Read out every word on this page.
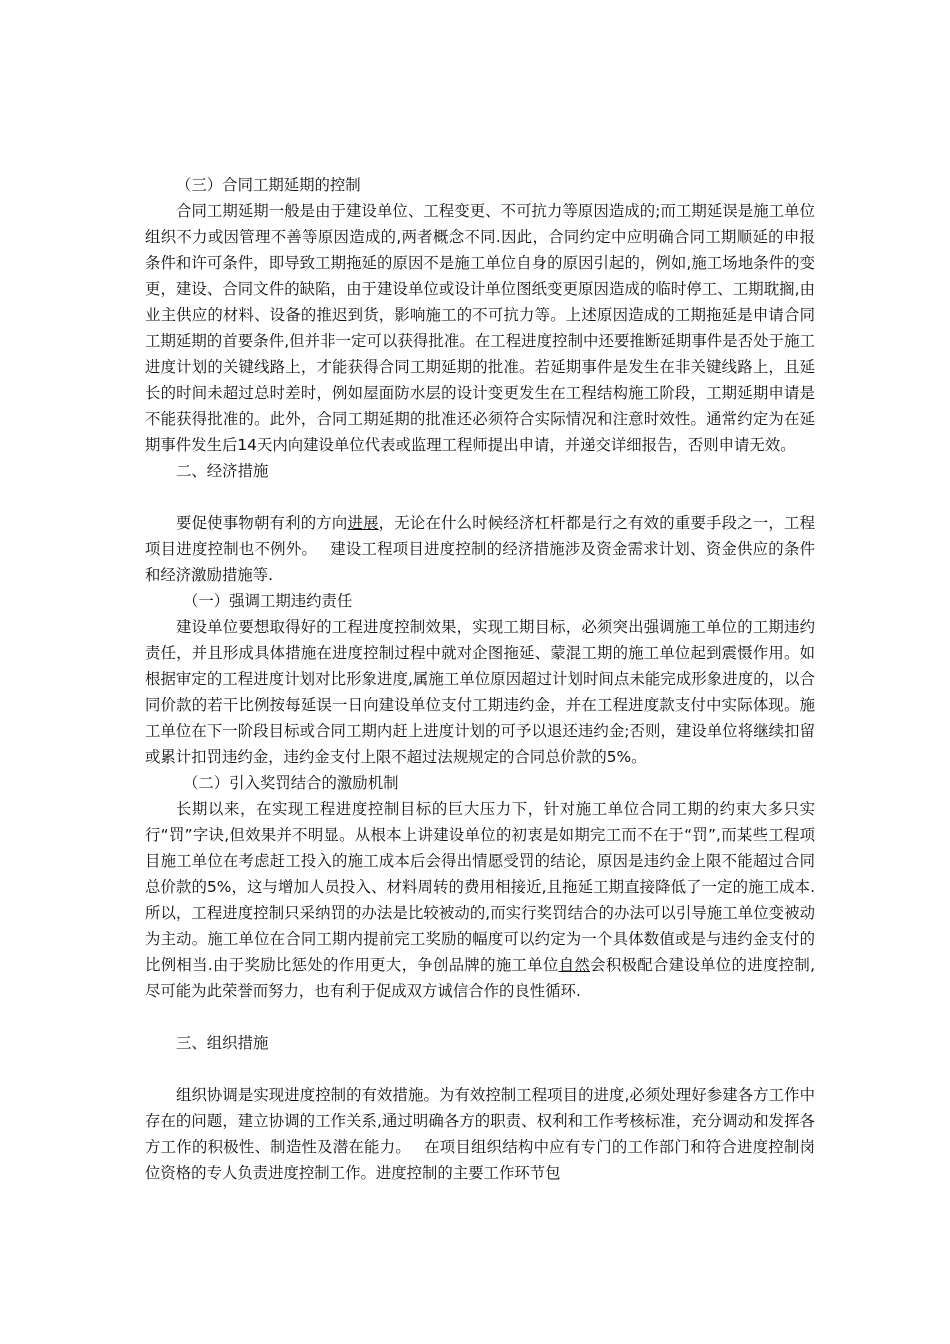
（三）合同工期延期的控制

合同工期延期一般是由于建设单位、工程变更、不可抗力等原因造成的;而工期延误是施工单位组织不力或因管理不善等原因造成的,两者概念不同.因此，合同约定中应明确合同工期顺延的申报条件和许可条件，即导致工期拖延的原因不是施工单位自身的原因引起的，例如,施工场地条件的变更，建设、合同文件的缺陷，由于建设单位或设计单位图纸变更原因造成的临时停工、工期耽搁,由业主供应的材料、设备的推迟到货，影响施工的不可抗力等。上述原因造成的工期拖延是申请合同工期延期的首要条件,但并非一定可以获得批准。在工程进度控制中还要推断延期事件是否处于施工进度计划的关键线路上，才能获得合同工期延期的批准。若延期事件是发生在非关键线路上，且延长的时间未超过总时差时，例如屋面防水层的设计变更发生在工程结构施工阶段，工期延期申请是不能获得批准的。此外，合同工期延期的批准还必须符合实际情况和注意时效性。通常约定为在延期事件发生后14天内向建设单位代表或监理工程师提出申请，并递交详细报告，否则申请无效。

二、经济措施

要促使事物朝有利的方向进展，无论在什么时候经济杠杆都是行之有效的重要手段之一，工程项目进度控制也不例外。　 建设工程项目进度控制的经济措施涉及资金需求计划、资金供应的条件和经济激励措施等.

（一）强调工期违约责任

建设单位要想取得好的工程进度控制效果，实现工期目标，必须突出强调施工单位的工期违约责任，并且形成具体措施在进度控制过程中就对企图拖延、蒙混工期的施工单位起到震慑作用。如根据审定的工程进度计划对比形象进度,属施工单位原因超过计划时间点未能完成形象进度的，以合同价款的若干比例按每延误一日向建设单位支付工期违约金，并在工程进度款支付中实际体现。施工单位在下一阶段目标或合同工期内赶上进度计划的可予以退还违约金;否则，建设单位将继续扣留或累计扣罚违约金，违约金支付上限不超过法规规定的合同总价款的5%。

（二）引入奖罚结合的激励机制

长期以来，在实现工程进度控制目标的巨大压力下，针对施工单位合同工期的约束大多只实行“罚”字诀,但效果并不明显。从根本上讲建设单位的初衷是如期完工而不在于“罚”,而某些工程项目施工单位在考虑赶工投入的施工成本后会得出情愿受罚的结论，原因是违约金上限不能超过合同总价款的5%，这与增加人员投入、材料周转的费用相接近,且拖延工期直接降低了一定的施工成本.所以，工程进度控制只采纳罚的办法是比较被动的,而实行奖罚结合的办法可以引导施工单位变被动为主动。施工单位在合同工期内提前完工奖励的幅度可以约定为一个具体数值或是与违约金支付的比例相当.由于奖励比惩处的作用更大，争创品牌的施工单位自然会积极配合建设单位的进度控制,尽可能为此荣誉而努力，也有利于促成双方诚信合作的良性循环.

三、组织措施

组织协调是实现进度控制的有效措施。为有效控制工程项目的进度,必须处理好参建各方工作中存在的问题，建立协调的工作关系,通过明确各方的职责、权利和工作考核标准，充分调动和发挥各方工作的积极性、制造性及潜在能力。　 在项目组织结构中应有专门的工作部门和符合进度控制岗位资格的专人负责进度控制工作。进度控制的主要工作环节包
